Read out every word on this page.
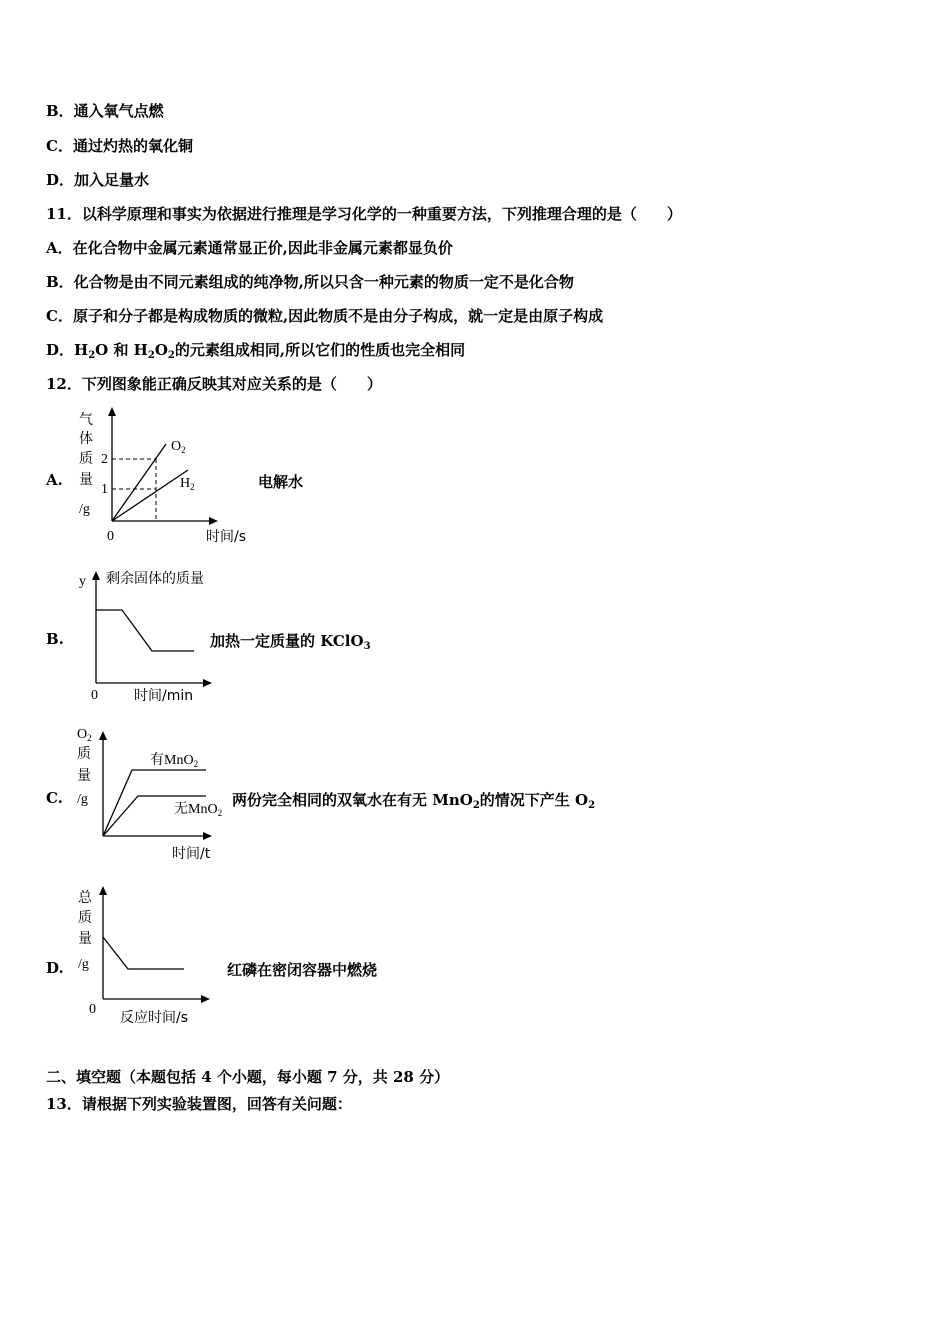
B．通入氧气点燃
C．通过灼热的氧化铜
D．加入足量水
11．以科学原理和事实为依据进行推理是学习化学的一种重要方法，下列推理合理的是（　　）
A．在化合物中金属元素通常显正价,因此非金属元素都显负价
B．化合物是由不同元素组成的纯净物,所以只含一种元素的物质一定不是化合物
C．原子和分子都是构成物质的微粒,因此物质不是由分子构成，就一定是由原子构成
D．$H_2O$ 和 $H_2O_2$的元素组成相同,所以它们的性质也完全相同
12．下列图象能正确反映其对应关系的是（　　）
A.
气
体
质
量
/g
0	时间/s
2
1
$O_2$
$H_2$	电解水
B.
y 剩余固体的质量
0	时间/min
加热一定质量的 KClO$_3$
C.
$O_2$
质
量
/g
有MnO$_2$
无MnO$_2$
时间/t
两份完全相同的双氧水在有无 MnO$_2$的情况下产生 $O_2$
D.
总
质
量
/g
0
反应时间/s
红磷在密闭容器中燃烧
二、填空题（本题包括 4 个小题，每小题 7 分，共 28 分）
13．请根据下列实验装置图，回答有关问题：
